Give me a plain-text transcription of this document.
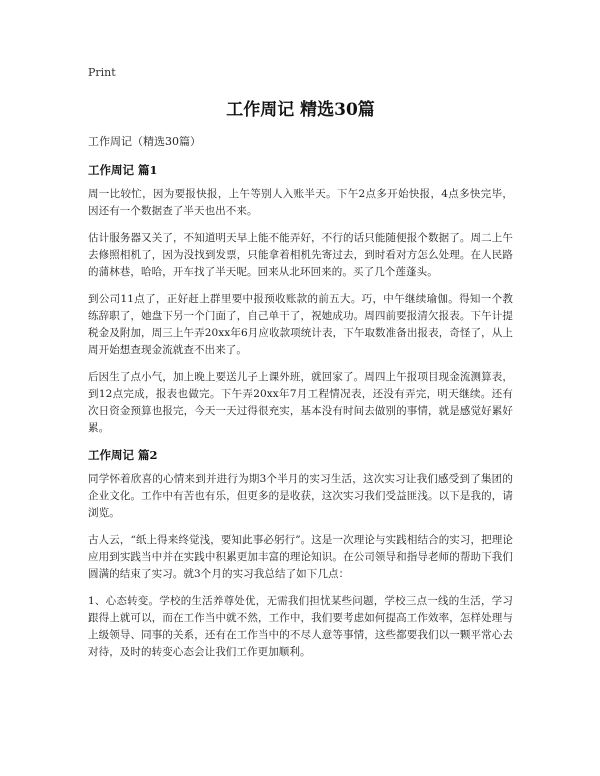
Print
工作周记 精选30篇
工作周记（精选30篇）
工作周记 篇1

周一比较忙，因为要报快报，上午等别人入账半天。下午2点多开始快报，4点多快完毕，因还有一个数据查了半天也出不来。

估计服务器又关了，不知道明天早上能不能弄好，不行的话只能随便报个数据了。周二上午去修照相机了，因为没找到发票，只能拿着相机先寄过去，到时看对方怎么处理。在人民路的蒲林巷，哈哈，开车找了半天呢。回来从北环回来的。买了几个莲蓬头。

到公司11点了，正好赶上群里要中报预收账款的前五大。巧，中午继续瑜伽。得知一个教练辞职了，她盘下另一个门面了，自己单干了，祝她成功。周四前要报清欠报表。下午计提税金及附加，周三上午弄20xx年6月应收款项统计表，下午取数准备出报表，奇怪了，从上周开始想查现金流就查不出来了。

后因生了点小气，加上晚上要送儿子上课外班，就回家了。周四上午报项目现金流测算表，到12点完成，报表也做完。下午弄20xx年7月工程情况表，还没有弄完，明天继续。还有次日资金预算也报完，今天一天过得很充实，基本没有时间去做别的事情，就是感觉好累好累。

工作周记 篇2

同学怀着欣喜的心情来到并进行为期3个半月的实习生活，这次实习让我们感受到了集团的企业文化。工作中有苦也有乐，但更多的是收获，这次实习我们受益匪浅。以下是我的，请浏览。

古人云，“纸上得来终觉浅，要知此事必躬行”。这是一次理论与实践相结合的实习，把理论应用到实践当中并在实践中积累更加丰富的理论知识。在公司领导和指导老师的帮助下我们圆满的结束了实习。就3个月的实习我总结了如下几点：

1、心态转变。学校的生活养尊处优，无需我们担忧某些问题，学校三点一线的生活，学习跟得上就可以，而在工作当中就不然，工作中，我们要考虑如何提高工作效率，怎样处理与上级领导、同事的关系，还有在工作当中的不尽人意等事情，这些都要我们以一颗平常心去对待，及时的转变心态会让我们工作更加顺利。
